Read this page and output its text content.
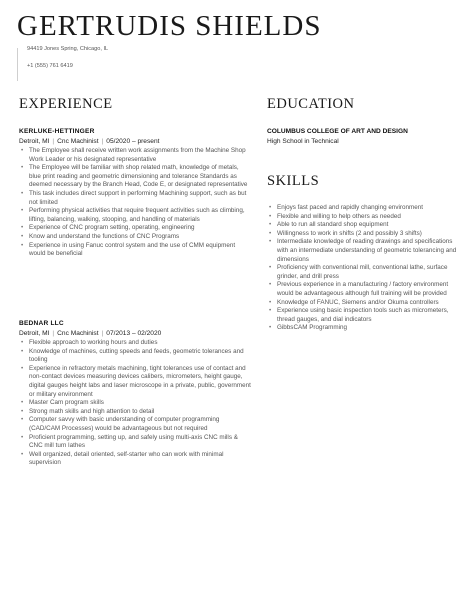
GERTRUDIS SHIELDS
94419 Jones Spring, Chicago, IL
+1 (555) 761 6419
EXPERIENCE
KERLUKE-HETTINGER
Detroit, MI | Cnc Machinist | 05/2020 – present
• The Employee shall receive written work assignments from the Machine Shop Work Leader or his designated representative
• The Employee will be familiar with shop related math, knowledge of metals, blue print reading and geometric dimensioning and tolerance Standards as deemed necessary by the Branch Head, Code E, or designated representative
• This task includes direct support in performing Machining support, such as but not limited
• Performing physical activities that require frequent activities such as climbing, lifting, balancing, walking, stooping, and handling of materials
• Experience of CNC program setting, operating, engineering
• Know and understand the functions of CNC Programs
• Experience in using Fanuc control system and the use of CMM equipment would be beneficial
BEDNAR LLC
Detroit, MI | Cnc Machinist | 07/2013 – 02/2020
• Flexible approach to working hours and duties
• Knowledge of machines, cutting speeds and feeds, geometric tolerances and tooling
• Experience in refractory metals machining, tight tolerances use of contact and non-contact devices measuring devices calibers, micrometers, height gauge, digital gauges height labs and laser microscope in a private, public, government or military environment
• Master Cam program skills
• Strong math skills and high attention to detail
• Computer savvy with basic understanding of computer programming (CAD/CAM Processes) would be advantageous but not required
• Proficient programming, setting up, and safely using multi-axis CNC mills & CNC mill turn lathes
• Well organized, detail oriented, self-starter who can work with minimal supervision
EDUCATION
COLUMBUS COLLEGE OF ART AND DESIGN
High School in Technical
SKILLS
• Enjoys fast paced and rapidly changing environment
• Flexible and willing to help others as needed
• Able to run all standard shop equipment
• Willingness to work in shifts (2 and possibly 3 shifts)
• Intermediate knowledge of reading drawings and specifications with an intermediate understanding of geometric tolerancing and dimensions
• Proficiency with conventional mill, conventional lathe, surface grinder, and drill press
• Previous experience in a manufacturing / factory environment would be advantageous although full training will be provided
• Knowledge of FANUC, Siemens and/or Okuma controllers
• Experience using basic inspection tools such as micrometers, thread gauges, and dial indicators
• GibbsCAM Programming
